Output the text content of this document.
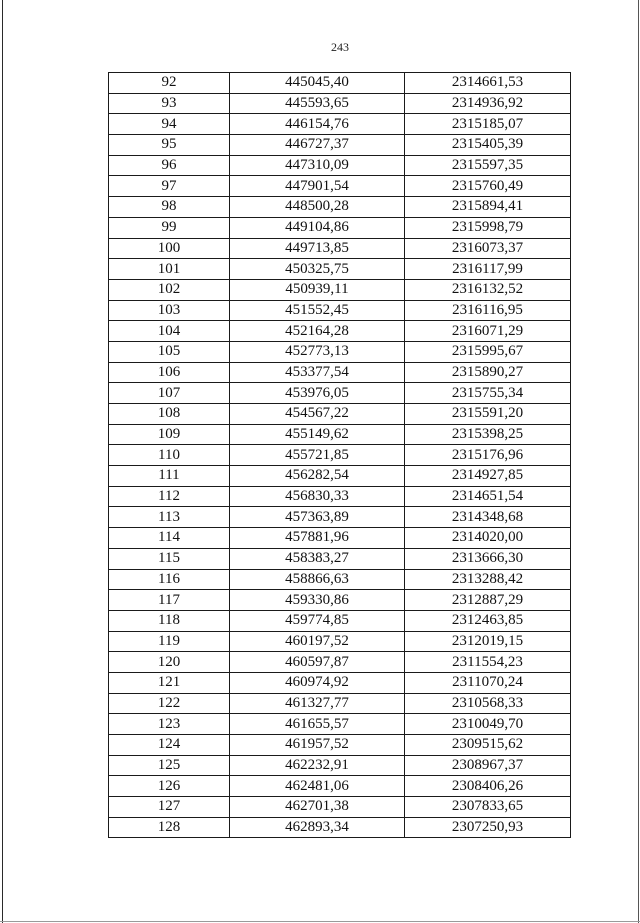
243
92	445045,40	2314661,53
93	445593,65	2314936,92
94	446154,76	2315185,07
95	446727,37	2315405,39
96	447310,09	2315597,35
97	447901,54	2315760,49
98	448500,28	2315894,41
99	449104,86	2315998,79
100	449713,85	2316073,37
101	450325,75	2316117,99
102	450939,11	2316132,52
103	451552,45	2316116,95
104	452164,28	2316071,29
105	452773,13	2315995,67
106	453377,54	2315890,27
107	453976,05	2315755,34
108	454567,22	2315591,20
109	455149,62	2315398,25
110	455721,85	2315176,96
111	456282,54	2314927,85
112	456830,33	2314651,54
113	457363,89	2314348,68
114	457881,96	2314020,00
115	458383,27	2313666,30
116	458866,63	2313288,42
117	459330,86	2312887,29
118	459774,85	2312463,85
119	460197,52	2312019,15
120	460597,87	2311554,23
121	460974,92	2311070,24
122	461327,77	2310568,33
123	461655,57	2310049,70
124	461957,52	2309515,62
125	462232,91	2308967,37
126	462481,06	2308406,26
127	462701,38	2307833,65
128	462893,34	2307250,93
